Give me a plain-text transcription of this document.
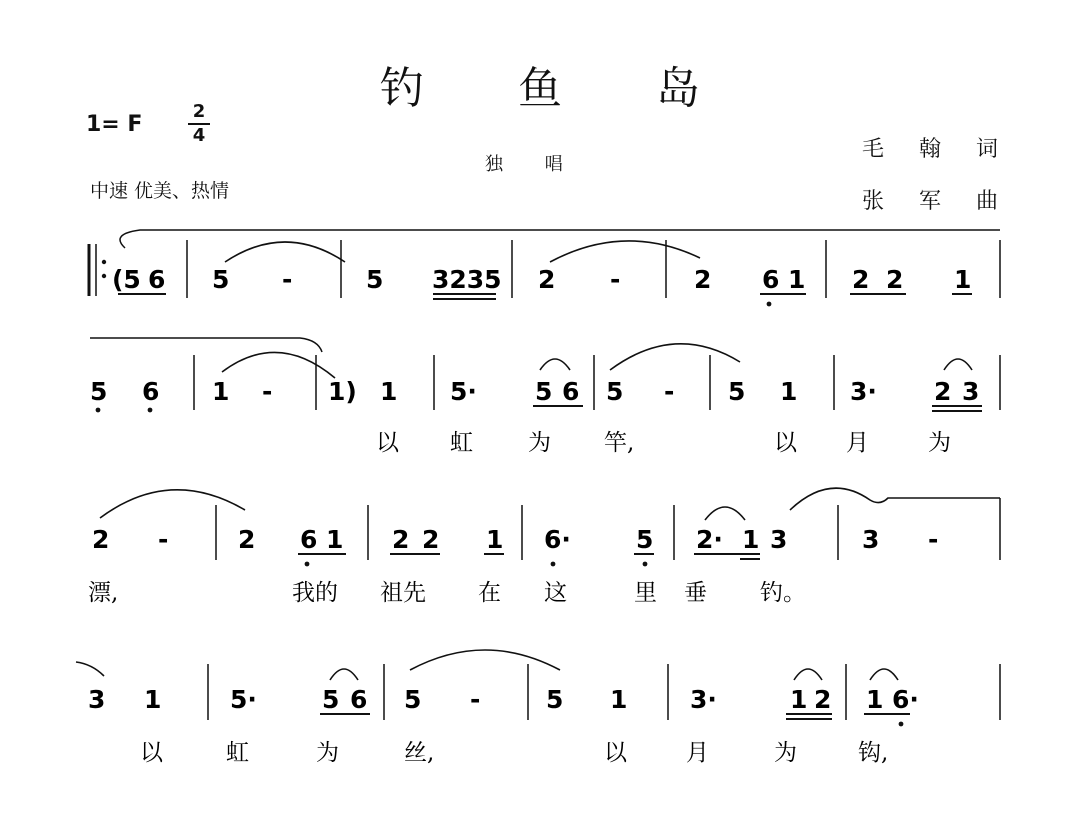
钓 鱼 岛
1= F
2
4
独 唱
中速 优美、热情
毛 翰 词
张 军 曲
(5 6 5 -	5 3235 2 -	2 6 1 2 2 1
5 6 1 - 1) 1 5· 5 6 5 - 5 1 3· 2 3
以 虹 为 竿,	以 月	为
2 -	2 6 1 2 2 1 6·	5 2· 1 3	3 -
漂,	我的 祖先 在 这	里 垂 钓。
3 1	5·	5 6 5 -	5 1	3·	1 2 1 6·
以	虹	为	丝,	以	月	为	钩,
